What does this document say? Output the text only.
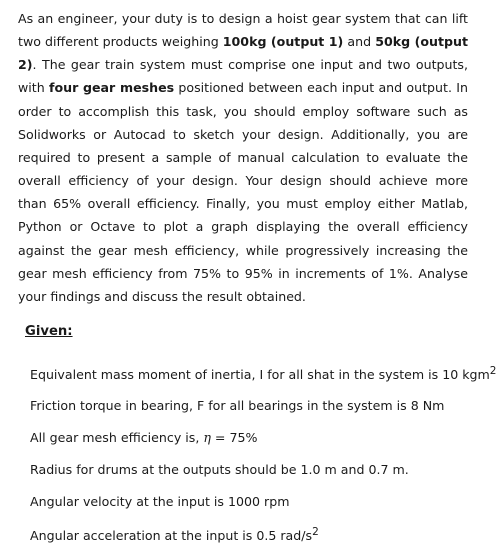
As an engineer, your duty is to design a hoist gear system that can lift two different products weighing 100kg (output 1) and 50kg (output 2). The gear train system must comprise one input and two outputs, with four gear meshes positioned between each input and output. In order to accomplish this task, you should employ software such as Solidworks or Autocad to sketch your design. Additionally, you are required to present a sample of manual calculation to evaluate the overall efficiency of your design. Your design should achieve more than 65% overall efficiency. Finally, you must employ either Matlab, Python or Octave to plot a graph displaying the overall efficiency against the gear mesh efficiency, while progressively increasing the gear mesh efficiency from 75% to 95% in increments of 1%. Analyse your findings and discuss the result obtained.

Given:
Equivalent mass moment of inertia, I for all shat in the system is 10 kgm$^2$
Friction torque in bearing, F for all bearings in the system is 8 Nm
All gear mesh efficiency is, η = 75%
Radius for drums at the outputs should be 1.0 m and 0.7 m.
Angular velocity at the input is 1000 rpm
Angular acceleration at the input is 0.5 rad/$s^2$
